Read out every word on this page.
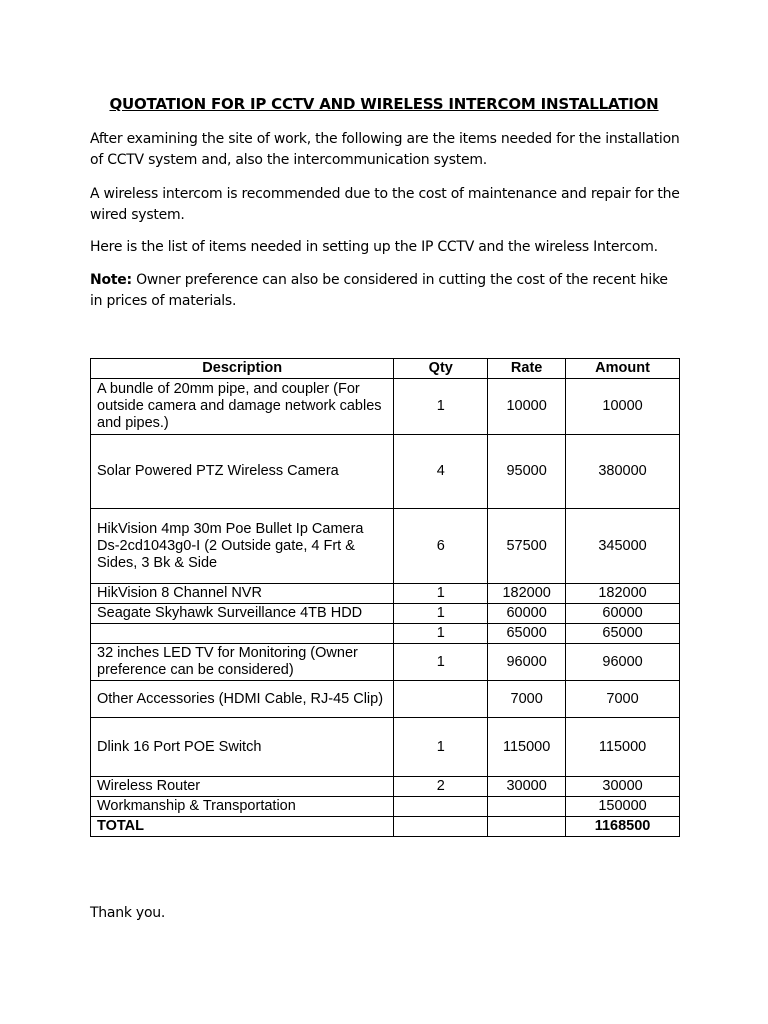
QUOTATION FOR IP CCTV AND WIRELESS INTERCOM INSTALLATION
After examining the site of work, the following are the items needed for the installation of CCTV system and, also the intercommunication system.
A wireless intercom is recommended due to the cost of maintenance and repair for the wired system.
Here is the list of items needed in setting up the IP CCTV and the wireless Intercom.
Note: Owner preference can also be considered in cutting the cost of the recent hike in prices of materials.
Description	Qty	Rate	Amount
A bundle of 20mm pipe, and coupler (For outside camera and damage network cables and pipes.)	1	10000	10000
Solar Powered PTZ Wireless Camera	4	95000	380000
HikVision 4mp 30m Poe Bullet Ip Camera Ds-2cd1043g0-I (2 Outside gate, 4 Frt & Sides, 3 Bk & Side	6	57500	345000
HikVision 8 Channel NVR	1	182000	182000
Seagate Skyhawk Surveillance 4TB HDD	1	60000	60000
	1	65000	65000
32 inches LED TV for Monitoring (Owner preference can be considered)	1	96000	96000
Other Accessories (HDMI Cable, RJ-45 Clip)		7000	7000
Dlink 16 Port POE Switch	1	115000	115000
Wireless Router	2	30000	30000
Workmanship & Transportation			150000
TOTAL			1168500
Thank you.
